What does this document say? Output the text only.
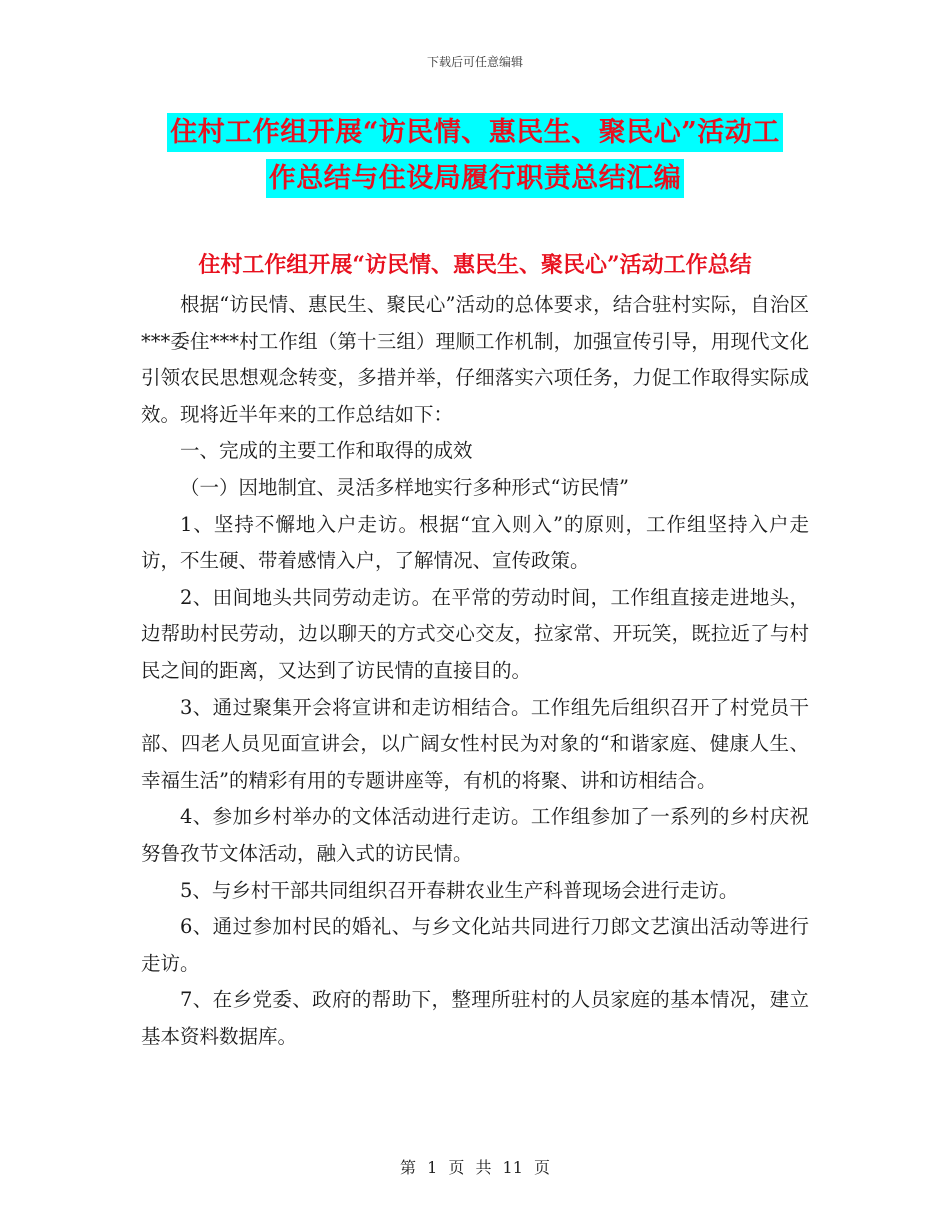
下载后可任意编辑
住村工作组开展“访民情、惠民生、聚民心”活动工
作总结与住设局履行职责总结汇编
住村工作组开展“访民情、惠民生、聚民心”活动工作总结

根据“访民情、惠民生、聚民心”活动的总体要求，结合驻村实际，自治区***委住***村工作组（第十三组）理顺工作机制，加强宣传引导，用现代文化引领农民思想观念转变，多措并举，仔细落实六项任务，力促工作取得实际成效。现将近半年来的工作总结如下：

一、完成的主要工作和取得的成效

（一）因地制宜、灵活多样地实行多种形式“访民情”

1、坚持不懈地入户走访。根据“宜入则入”的原则，工作组坚持入户走访，不生硬、带着感情入户，了解情况、宣传政策。

2、田间地头共同劳动走访。在平常的劳动时间，工作组直接走进地头，边帮助村民劳动，边以聊天的方式交心交友，拉家常、开玩笑，既拉近了与村民之间的距离，又达到了访民情的直接目的。

3、通过聚集开会将宣讲和走访相结合。工作组先后组织召开了村党员干部、四老人员见面宣讲会，以广阔女性村民为对象的“和谐家庭、健康人生、幸福生活”的精彩有用的专题讲座等，有机的将聚、讲和访相结合。

4、参加乡村举办的文体活动进行走访。工作组参加了一系列的乡村庆祝努鲁孜节文体活动，融入式的访民情。

5、与乡村干部共同组织召开春耕农业生产科普现场会进行走访。

6、通过参加村民的婚礼、与乡文化站共同进行刀郎文艺演出活动等进行走访。

7、在乡党委、政府的帮助下，整理所驻村的人员家庭的基本情况，建立基本资料数据库。

第 1 页 共 11 页
